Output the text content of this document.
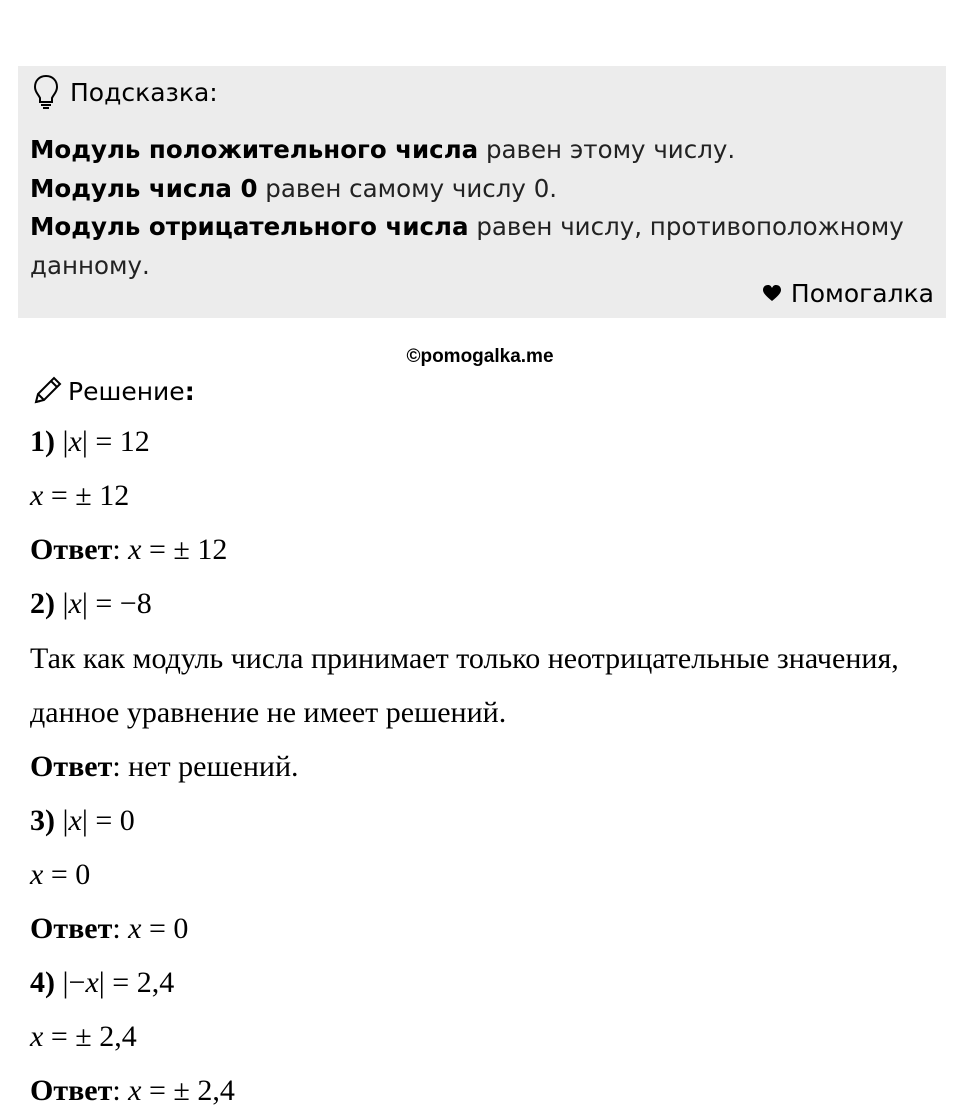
Подсказка:
Модуль положительного числа равен этому числу.
Модуль числа 0 равен самому числу 0.
Модуль отрицательного числа равен числу, противоположному
данному.
Помогалка
©pomogalka.me
Решение:
1) |x| = 12
x = ± 12
Ответ: x = ± 12
2) |x| = −8
Так как модуль числа принимает только неотрицательные значения,
данное уравнение не имеет решений.
Ответ: нет решений.
3) |x| = 0
x = 0
Ответ: x = 0
4) |−x| = 2,4
x = ± 2,4
Ответ: x = ± 2,4
